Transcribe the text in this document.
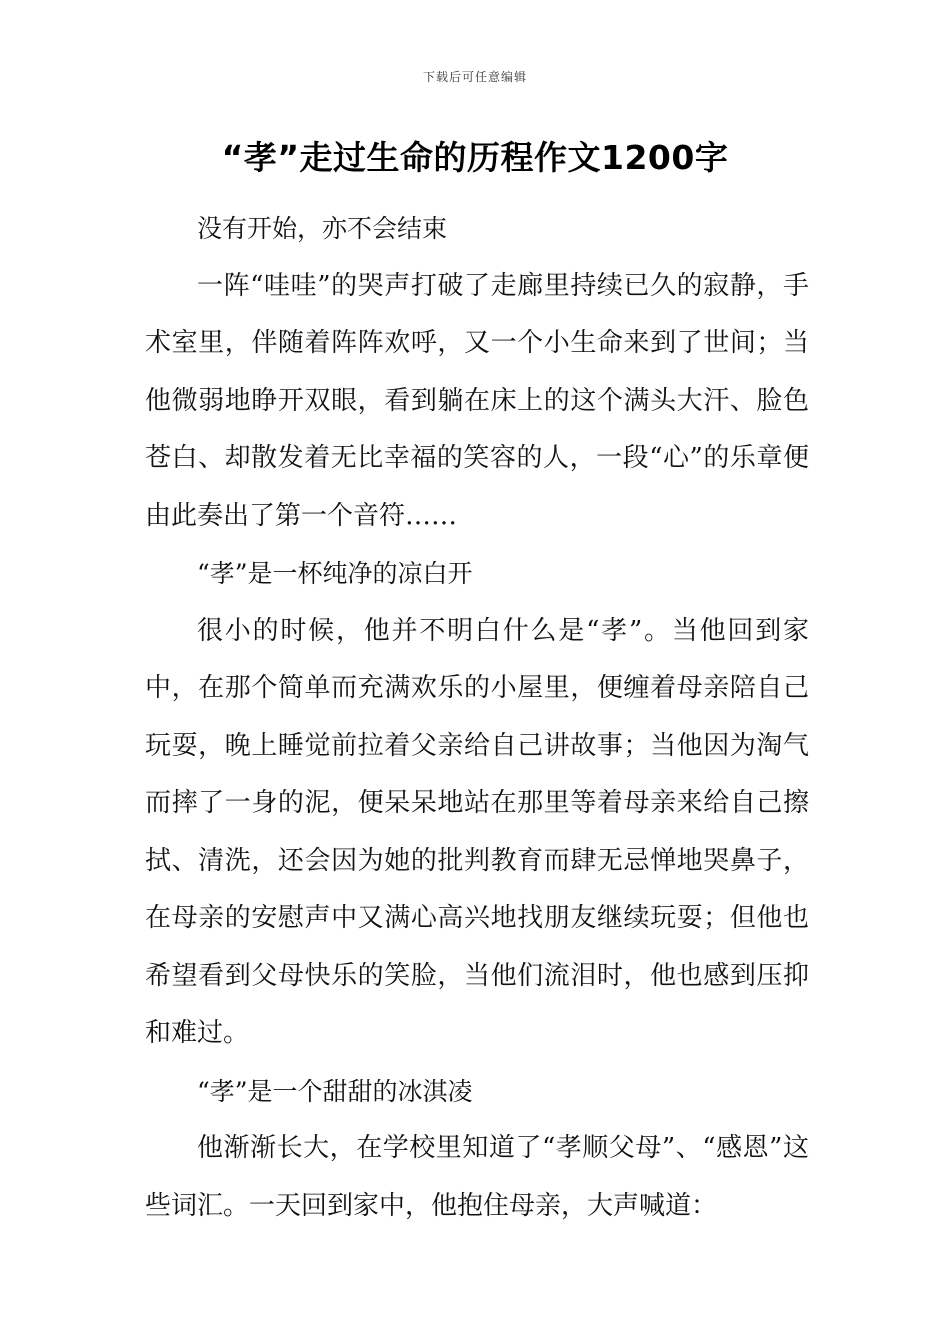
下载后可任意编辑
“孝”走过生命的历程作文1200字

没有开始，亦不会结束

一阵“哇哇”的哭声打破了走廊里持续已久的寂静，手术室里，伴随着阵阵欢呼，又一个小生命来到了世间；当他微弱地睁开双眼，看到躺在床上的这个满头大汗、脸色苍白、却散发着无比幸福的笑容的人，一段“心”的乐章便由此奏出了第一个音符……

“孝”是一杯纯净的凉白开

很小的时候，他并不明白什么是“孝”。当他回到家中，在那个简单而充满欢乐的小屋里，便缠着母亲陪自己玩耍，晚上睡觉前拉着父亲给自己讲故事；当他因为淘气而摔了一身的泥，便呆呆地站在那里等着母亲来给自己擦拭、清洗，还会因为她的批判教育而肆无忌惮地哭鼻子，在母亲的安慰声中又满心高兴地找朋友继续玩耍；但他也希望看到父母快乐的笑脸，当他们流泪时，他也感到压抑和难过。

“孝”是一个甜甜的冰淇凌

他渐渐长大，在学校里知道了“孝顺父母”、“感恩”这些词汇。一天回到家中，他抱住母亲，大声喊道：
